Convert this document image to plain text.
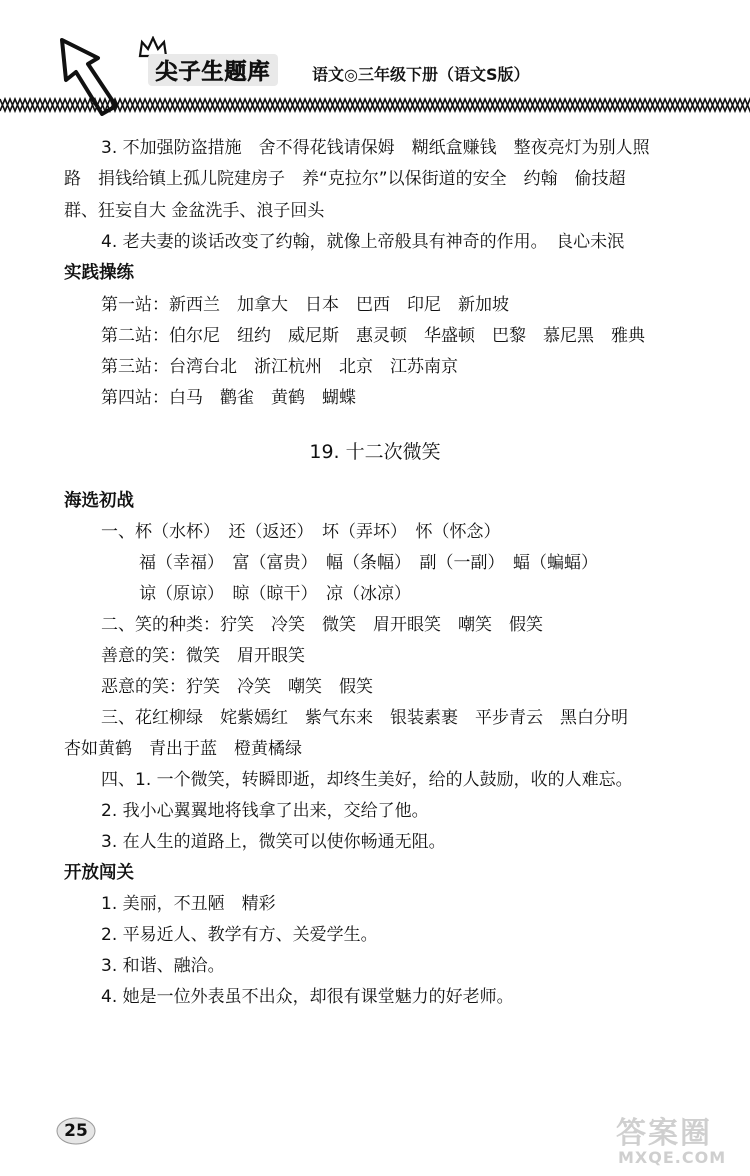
尖子生题库	语文◎三年级下册（语文S版）
3. 不加强防盗措施　舍不得花钱请保姆　糊纸盒赚钱　整夜亮灯为别人照
路　捐钱给镇上孤儿院建房子　养“克拉尔”以保街道的安全　约翰　偷技超
群、狂妄自大 金盆洗手、浪子回头
4. 老夫妻的谈话改变了约翰，就像上帝般具有神奇的作用。　良心未泯
实践操练
第一站：新西兰　加拿大　日本　巴西　印尼　新加坡
第二站：伯尔尼　纽约　威尼斯　惠灵顿　华盛顿　巴黎　慕尼黑　雅典
第三站：台湾台北　浙江杭州　北京　江苏南京
第四站：白马　鹳雀　黄鹤　蝴蝶
19. 十二次微笑
海选初战
一、杯（水杯）　还（返还）　坏（弄坏）　怀（怀念）
福（幸福）　富（富贵）　幅（条幅）　副（一副）　蝠（蝙蝠）
谅（原谅）　晾（晾干）　凉（冰凉）
二、笑的种类：狞笑　冷笑　微笑　眉开眼笑　嘲笑　假笑
善意的笑：微笑　眉开眼笑
恶意的笑：狞笑　冷笑　嘲笑　假笑
三、花红柳绿　姹紫嫣红　紫气东来　银装素裹　平步青云　黑白分明
杏如黄鹤　青出于蓝　橙黄橘绿
四、1. 一个微笑，转瞬即逝，却终生美好，给的人鼓励，收的人难忘。
2. 我小心翼翼地将钱拿了出来，交给了他。
3. 在人生的道路上，微笑可以使你畅通无阻。
开放闯关
1. 美丽，不丑陋　精彩
2. 平易近人、教学有方、关爱学生。
3. 和谐、融洽。
4. 她是一位外表虽不出众，却很有课堂魅力的好老师。
25	答案圈
MXQE.COM
